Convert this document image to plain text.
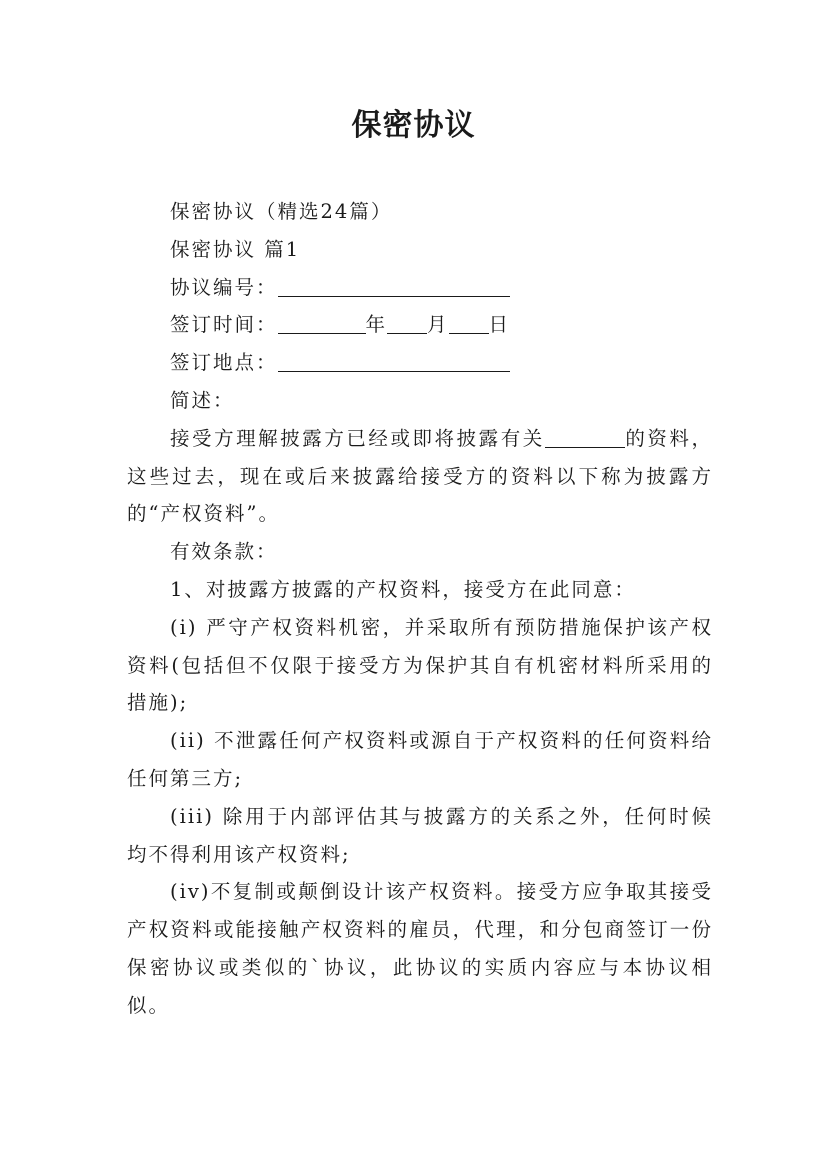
保密协议

保密协议（精选24篇）

保密协议 篇1

协议编号：

签订时间：	年 月 日

签订地点：

简述：

接受方理解披露方已经或即将披露有关	的资料，这些过去，现在或后来披露给接受方的资料以下称为披露方的“产权资料”。

有效条款：

1、对披露方披露的产权资料，接受方在此同意：

(i) 严守产权资料机密，并采取所有预防措施保护该产权资料(包括但不仅限于接受方为保护其自有机密材料所采用的措施);

(ii) 不泄露任何产权资料或源自于产权资料的任何资料给任何第三方;

(iii) 除用于内部评估其与披露方的关系之外，任何时候均不得利用该产权资料;

(iv)不复制或颠倒设计该产权资料。接受方应争取其接受产权资料或能接触产权资料的雇员，代理，和分包商签订一份保密协议或类似的`协议，此协议的实质内容应与本协议相似。
